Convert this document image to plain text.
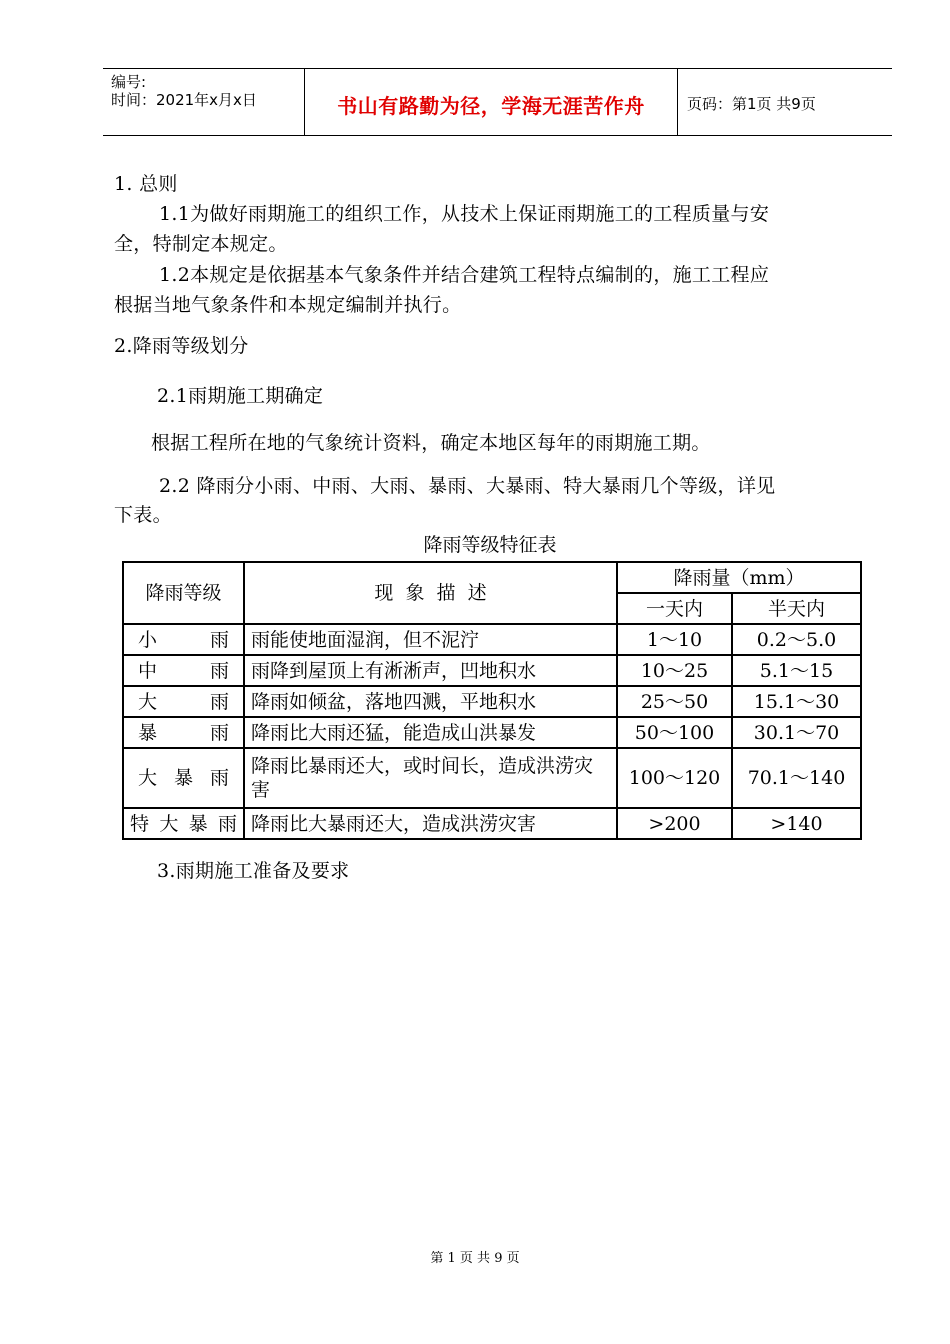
编号:
时间：2021年x月x日	书山有路勤为径，学海无涯苦作舟	页码：第1页 共9页
1. 总则
1.1为做好雨期施工的组织工作，从技术上保证雨期施工的工程质量与安
全，特制定本规定。
1.2本规定是依据基本气象条件并结合建筑工程特点编制的，施工工程应
根据当地气象条件和本规定编制并执行。
2.降雨等级划分
2.1雨期施工期确定
根据工程所在地的气象统计资料，确定本地区每年的雨期施工期。
2.2 降雨分小雨、中雨、大雨、暴雨、大暴雨、特大暴雨几个等级，详见
下表。
降雨等级特征表
降雨等级	现  象  描  述	降雨量（mm）	
		一天内	半天内
小雨	雨能使地面湿润，但不泥泞	1～10	0.2～5.0
中雨	雨降到屋顶上有淅淅声，凹地积水	10～25	5.1～15
大雨	降雨如倾盆，落地四溅，平地积水	25～50	15.1～30
暴雨	降雨比大雨还猛，能造成山洪暴发	50～100	30.1～70
大暴雨	降雨比暴雨还大，或时间长，造成洪涝灾害	100～120	70.1～140
特大暴雨	降雨比大暴雨还大，造成洪涝灾害	>200	>140
3.雨期施工准备及要求
第 1 页 共 9 页
